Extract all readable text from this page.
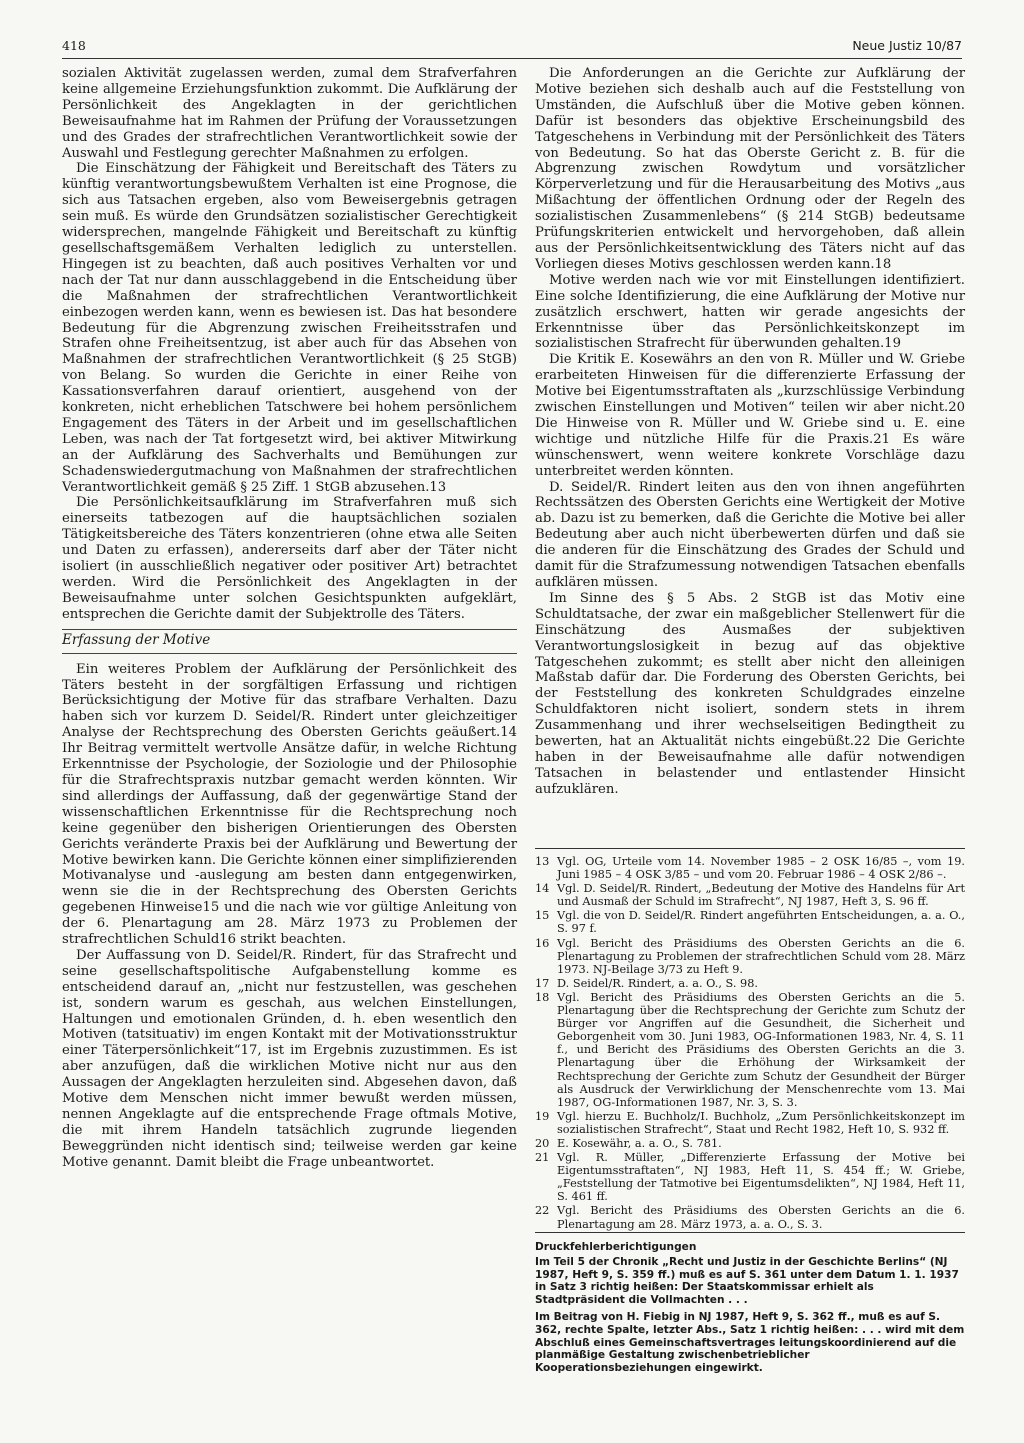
418	Neue Justiz 10/87

sozialen Aktivität zugelassen werden, zumal dem Strafverfahren keine allgemeine Erziehungsfunktion zukommt. Die Aufklärung der Persönlichkeit des Angeklagten in der gerichtlichen Beweisaufnahme hat im Rahmen der Prüfung der Voraussetzungen und des Grades der strafrechtlichen Verantwortlichkeit sowie der Auswahl und Festlegung gerechter Maßnahmen zu erfolgen.

Die Einschätzung der Fähigkeit und Bereitschaft des Täters zu künftig verantwortungsbewußtem Verhalten ist eine Prognose, die sich aus Tatsachen ergeben, also vom Beweisergebnis getragen sein muß. Es würde den Grundsätzen sozialistischer Gerechtigkeit widersprechen, mangelnde Fähigkeit und Bereitschaft zu künftig gesellschaftsgemäßem Verhalten lediglich zu unterstellen. Hingegen ist zu beachten, daß auch positives Verhalten vor und nach der Tat nur dann ausschlaggebend in die Entscheidung über die Maßnahmen der strafrechtlichen Verantwortlichkeit einbezogen werden kann, wenn es bewiesen ist. Das hat besondere Bedeutung für die Abgrenzung zwischen Freiheitsstrafen und Strafen ohne Freiheitsentzug, ist aber auch für das Absehen von Maßnahmen der strafrechtlichen Verantwortlichkeit (§ 25 StGB) von Belang. So wurden die Gerichte in einer Reihe von Kassationsverfahren darauf orientiert, ausgehend von der konkreten, nicht erheblichen Tatschwere bei hohem persönlichem Engagement des Täters in der Arbeit und im gesellschaftlichen Leben, was nach der Tat fortgesetzt wird, bei aktiver Mitwirkung an der Aufklärung des Sachverhalts und Bemühungen zur Schadenswiedergutmachung von Maßnahmen der strafrechtlichen Verantwortlichkeit gemäß § 25 Ziff. 1 StGB abzusehen.13

Die Persönlichkeitsaufklärung im Strafverfahren muß sich einerseits tatbezogen auf die hauptsächlichen sozialen Tätigkeitsbereiche des Täters konzentrieren (ohne etwa alle Seiten und Daten zu erfassen), andererseits darf aber der Täter nicht isoliert (in ausschließlich negativer oder positiver Art) betrachtet werden. Wird die Persönlichkeit des Angeklagten in der Beweisaufnahme unter solchen Gesichtspunkten aufgeklärt, entsprechen die Gerichte damit der Subjektrolle des Täters.

Erfassung der Motive

Ein weiteres Problem der Aufklärung der Persönlichkeit des Täters besteht in der sorgfältigen Erfassung und richtigen Berücksichtigung der Motive für das strafbare Verhalten. Dazu haben sich vor kurzem D. Seidel/R. Rindert unter gleichzeitiger Analyse der Rechtsprechung des Obersten Gerichts geäußert.14 Ihr Beitrag vermittelt wertvolle Ansätze dafür, in welche Richtung Erkenntnisse der Psychologie, der Soziologie und der Philosophie für die Strafrechtspraxis nutzbar gemacht werden könnten. Wir sind allerdings der Auffassung, daß der gegenwärtige Stand der wissenschaftlichen Erkenntnisse für die Rechtsprechung noch keine gegenüber den bisherigen Orientierungen des Obersten Gerichts veränderte Praxis bei der Aufklärung und Bewertung der Motive bewirken kann. Die Gerichte können einer simplifizierenden Motivanalyse und -auslegung am besten dann entgegenwirken, wenn sie die in der Rechtsprechung des Obersten Gerichts gegebenen Hinweise15 und die nach wie vor gültige Anleitung von der 6. Plenartagung am 28. März 1973 zu Problemen der strafrechtlichen Schuld16 strikt beachten.

Der Auffassung von D. Seidel/R. Rindert, für das Strafrecht und seine gesellschaftspolitische Aufgabenstellung komme es entscheidend darauf an, „nicht nur festzustellen, was geschehen ist, sondern warum es geschah, aus welchen Einstellungen, Haltungen und emotionalen Gründen, d. h. eben wesentlich den Motiven (tatsituativ) im engen Kontakt mit der Motivationsstruktur einer Täterpersönlichkeit“17, ist im Ergebnis zuzustimmen. Es ist aber anzufügen, daß die wirklichen Motive nicht nur aus den Aussagen der Angeklagten herzuleiten sind. Abgesehen davon, daß Motive dem Menschen nicht immer bewußt werden müssen, nennen Angeklagte auf die entsprechende Frage oftmals Motive, die mit ihrem Handeln tatsächlich zugrunde liegenden Beweggründen nicht identisch sind; teilweise werden gar keine Motive genannt. Damit bleibt die Frage unbeantwortet.

Die Anforderungen an die Gerichte zur Aufklärung der Motive beziehen sich deshalb auch auf die Feststellung von Umständen, die Aufschluß über die Motive geben können. Dafür ist besonders das objektive Erscheinungsbild des Tatgeschehens in Verbindung mit der Persönlichkeit des Täters von Bedeutung. So hat das Oberste Gericht z. B. für die Abgrenzung zwischen Rowdytum und vorsätzlicher Körperverletzung und für die Herausarbeitung des Motivs „aus Mißachtung der öffentlichen Ordnung oder der Regeln des sozialistischen Zusammenlebens“ (§ 214 StGB) bedeutsame Prüfungskriterien entwickelt und hervorgehoben, daß allein aus der Persönlichkeitsentwicklung des Täters nicht auf das Vorliegen dieses Motivs geschlossen werden kann.18

Motive werden nach wie vor mit Einstellungen identifiziert. Eine solche Identifizierung, die eine Aufklärung der Motive nur zusätzlich erschwert, hatten wir gerade angesichts der Erkenntnisse über das Persönlichkeitskonzept im sozialistischen Strafrecht für überwunden gehalten.19

Die Kritik E. Kosewährs an den von R. Müller und W. Griebe erarbeiteten Hinweisen für die differenzierte Erfassung der Motive bei Eigentumsstraftaten als „kurzschlüssige Verbindung zwischen Einstellungen und Motiven“ teilen wir aber nicht.20 Die Hinweise von R. Müller und W. Griebe sind u. E. eine wichtige und nützliche Hilfe für die Praxis.21 Es wäre wünschenswert, wenn weitere konkrete Vorschläge dazu unterbreitet werden könnten.

D. Seidel/R. Rindert leiten aus den von ihnen angeführten Rechtssätzen des Obersten Gerichts eine Wertigkeit der Motive ab. Dazu ist zu bemerken, daß die Gerichte die Motive bei aller Bedeutung aber auch nicht überbewerten dürfen und daß sie die anderen für die Einschätzung des Grades der Schuld und damit für die Strafzumessung notwendigen Tatsachen ebenfalls aufklären müssen.

Im Sinne des § 5 Abs. 2 StGB ist das Motiv eine Schuldtatsache, der zwar ein maßgeblicher Stellenwert für die Einschätzung des Ausmaßes der subjektiven Verantwortungslosigkeit in bezug auf das objektive Tatgeschehen zukommt; es stellt aber nicht den alleinigen Maßstab dafür dar. Die Forderung des Obersten Gerichts, bei der Feststellung des konkreten Schuldgrades einzelne Schuldfaktoren nicht isoliert, sondern stets in ihrem Zusammenhang und ihrer wechselseitigen Bedingtheit zu bewerten, hat an Aktualität nichts eingebüßt.22 Die Gerichte haben in der Beweisaufnahme alle dafür notwendigen Tatsachen in belastender und entlastender Hinsicht aufzuklären.

13 Vgl. OG, Urteile vom 14. November 1985 – 2 OSK 16/85 –, vom 19. Juni 1985 – 4 OSK 3/85 – und vom 20. Februar 1986 – 4 OSK 2/86 –.
14 Vgl. D. Seidel/R. Rindert, „Bedeutung der Motive des Handelns für Art und Ausmaß der Schuld im Strafrecht“, NJ 1987, Heft 3, S. 96 ff.
15 Vgl. die von D. Seidel/R. Rindert angeführten Entscheidungen, a. a. O., S. 97 f.
16 Vgl. Bericht des Präsidiums des Obersten Gerichts an die 6. Plenartagung zu Problemen der strafrechtlichen Schuld vom 28. März 1973. NJ-Beilage 3/73 zu Heft 9.
17 D. Seidel/R. Rindert, a. a. O., S. 98.
18 Vgl. Bericht des Präsidiums des Obersten Gerichts an die 5. Plenartagung über die Rechtsprechung der Gerichte zum Schutz der Bürger vor Angriffen auf die Gesundheit, die Sicherheit und Geborgenheit vom 30. Juni 1983, OG-Informationen 1983, Nr. 4, S. 11 f., und Bericht des Präsidiums des Obersten Gerichts an die 3. Plenartagung über die Erhöhung der Wirksamkeit der Rechtsprechung der Gerichte zum Schutz der Gesundheit der Bürger als Ausdruck der Verwirklichung der Menschenrechte vom 13. Mai 1987, OG-Informationen 1987, Nr. 3, S. 3.
19 Vgl. hierzu E. Buchholz/I. Buchholz, „Zum Persönlichkeitskonzept im sozialistischen Strafrecht“, Staat und Recht 1982, Heft 10, S. 932 ff.
20 E. Kosewähr, a. a. O., S. 781.
21 Vgl. R. Müller, „Differenzierte Erfassung der Motive bei Eigentumsstraftaten“, NJ 1983, Heft 11, S. 454 ff.; W. Griebe, „Feststellung der Tatmotive bei Eigentumsdelikten“, NJ 1984, Heft 11, S. 461 ff.
22 Vgl. Bericht des Präsidiums des Obersten Gerichts an die 6. Plenartagung am 28. März 1973, a. a. O., S. 3.
Druckfehlerberichtigungen

Im Teil 5 der Chronik „Recht und Justiz in der Geschichte Berlins“ (NJ 1987, Heft 9, S. 359 ff.) muß es auf S. 361 unter dem Datum 1. 1. 1937 in Satz 3 richtig heißen: Der Staatskommissar erhielt als Stadtpräsident die Vollmachten . . .

Im Beitrag von H. Fiebig in NJ 1987, Heft 9, S. 362 ff., muß es auf S. 362, rechte Spalte, letzter Abs., Satz 1 richtig heißen: . . . wird mit dem Abschluß eines Gemeinschaftsvertrages leitungskoordinierend auf die planmäßige Gestaltung zwischenbetrieblicher Kooperationsbeziehungen eingewirkt.
